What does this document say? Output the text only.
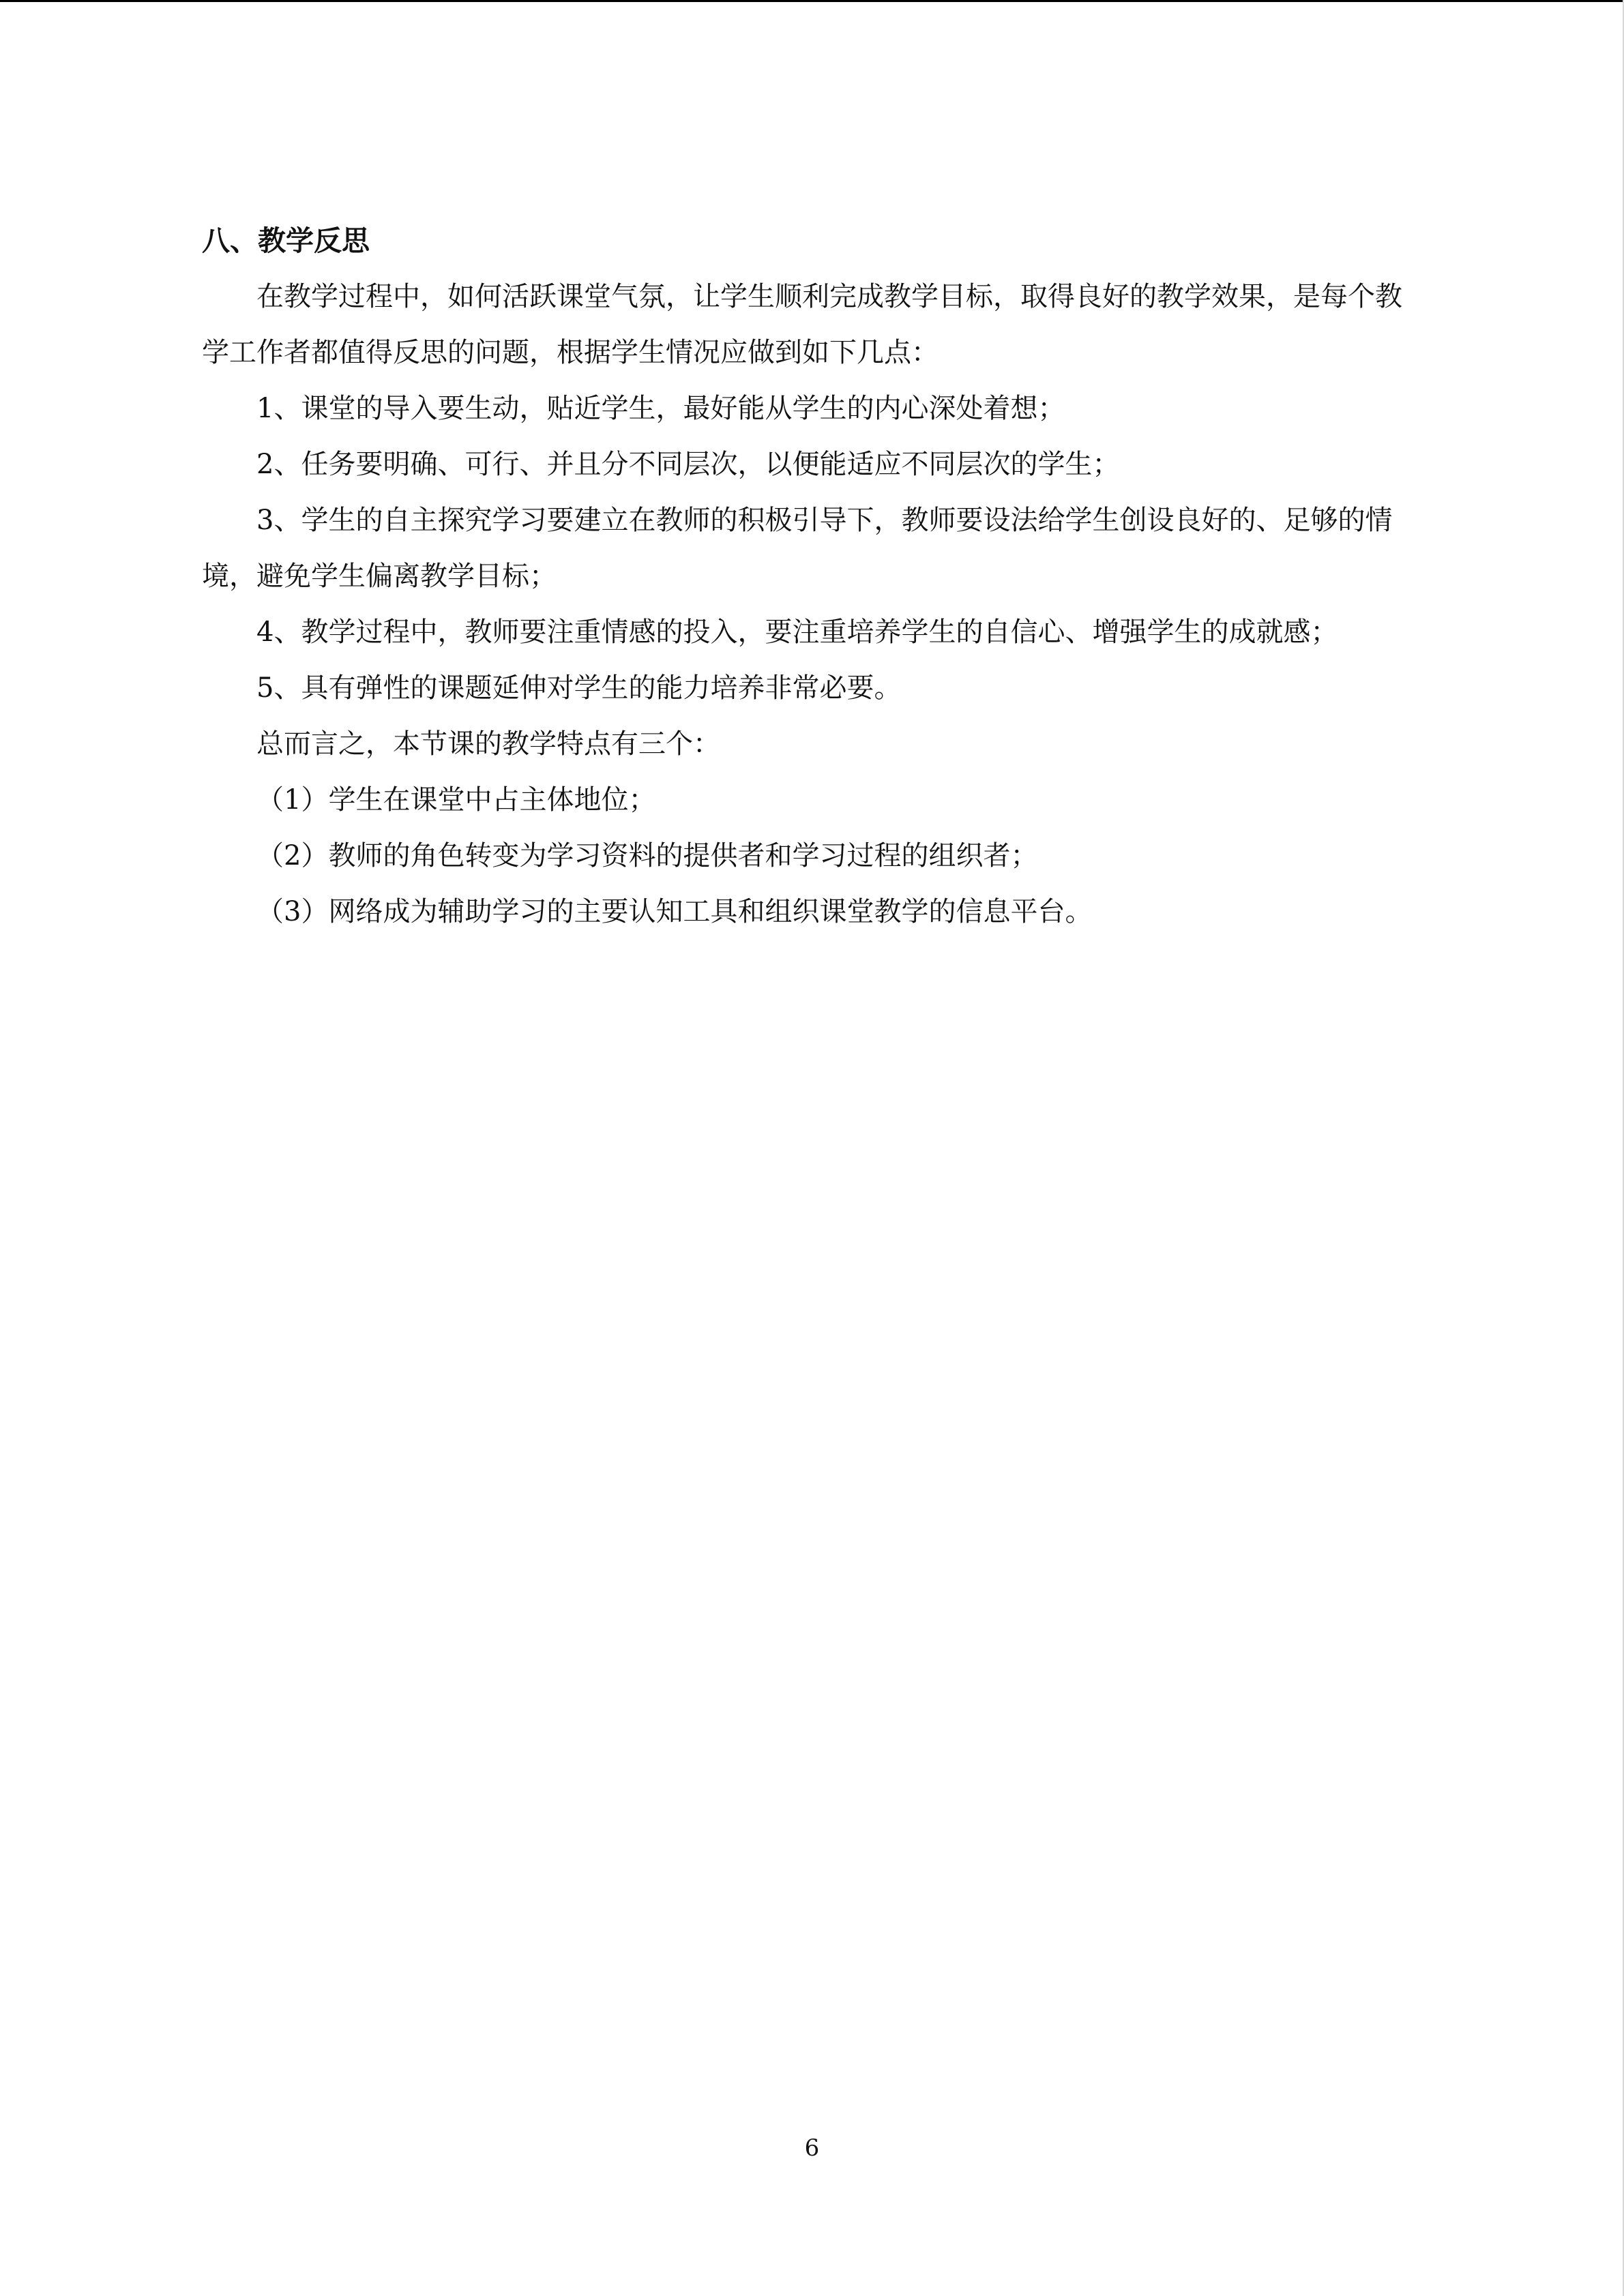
八、教学反思

在教学过程中，如何活跃课堂气氛，让学生顺利完成教学目标，取得良好的教学效果，是每个教学工作者都值得反思的问题，根据学生情况应做到如下几点：

1、课堂的导入要生动，贴近学生，最好能从学生的内心深处着想；

2、任务要明确、可行、并且分不同层次，以便能适应不同层次的学生；

3、学生的自主探究学习要建立在教师的积极引导下，教师要设法给学生创设良好的、足够的情境，避免学生偏离教学目标；

4、教学过程中，教师要注重情感的投入，要注重培养学生的自信心、增强学生的成就感；

5、具有弹性的课题延伸对学生的能力培养非常必要。

总而言之，本节课的教学特点有三个：

（1）学生在课堂中占主体地位；

（2）教师的角色转变为学习资料的提供者和学习过程的组织者；

（3）网络成为辅助学习的主要认知工具和组织课堂教学的信息平台。

6
